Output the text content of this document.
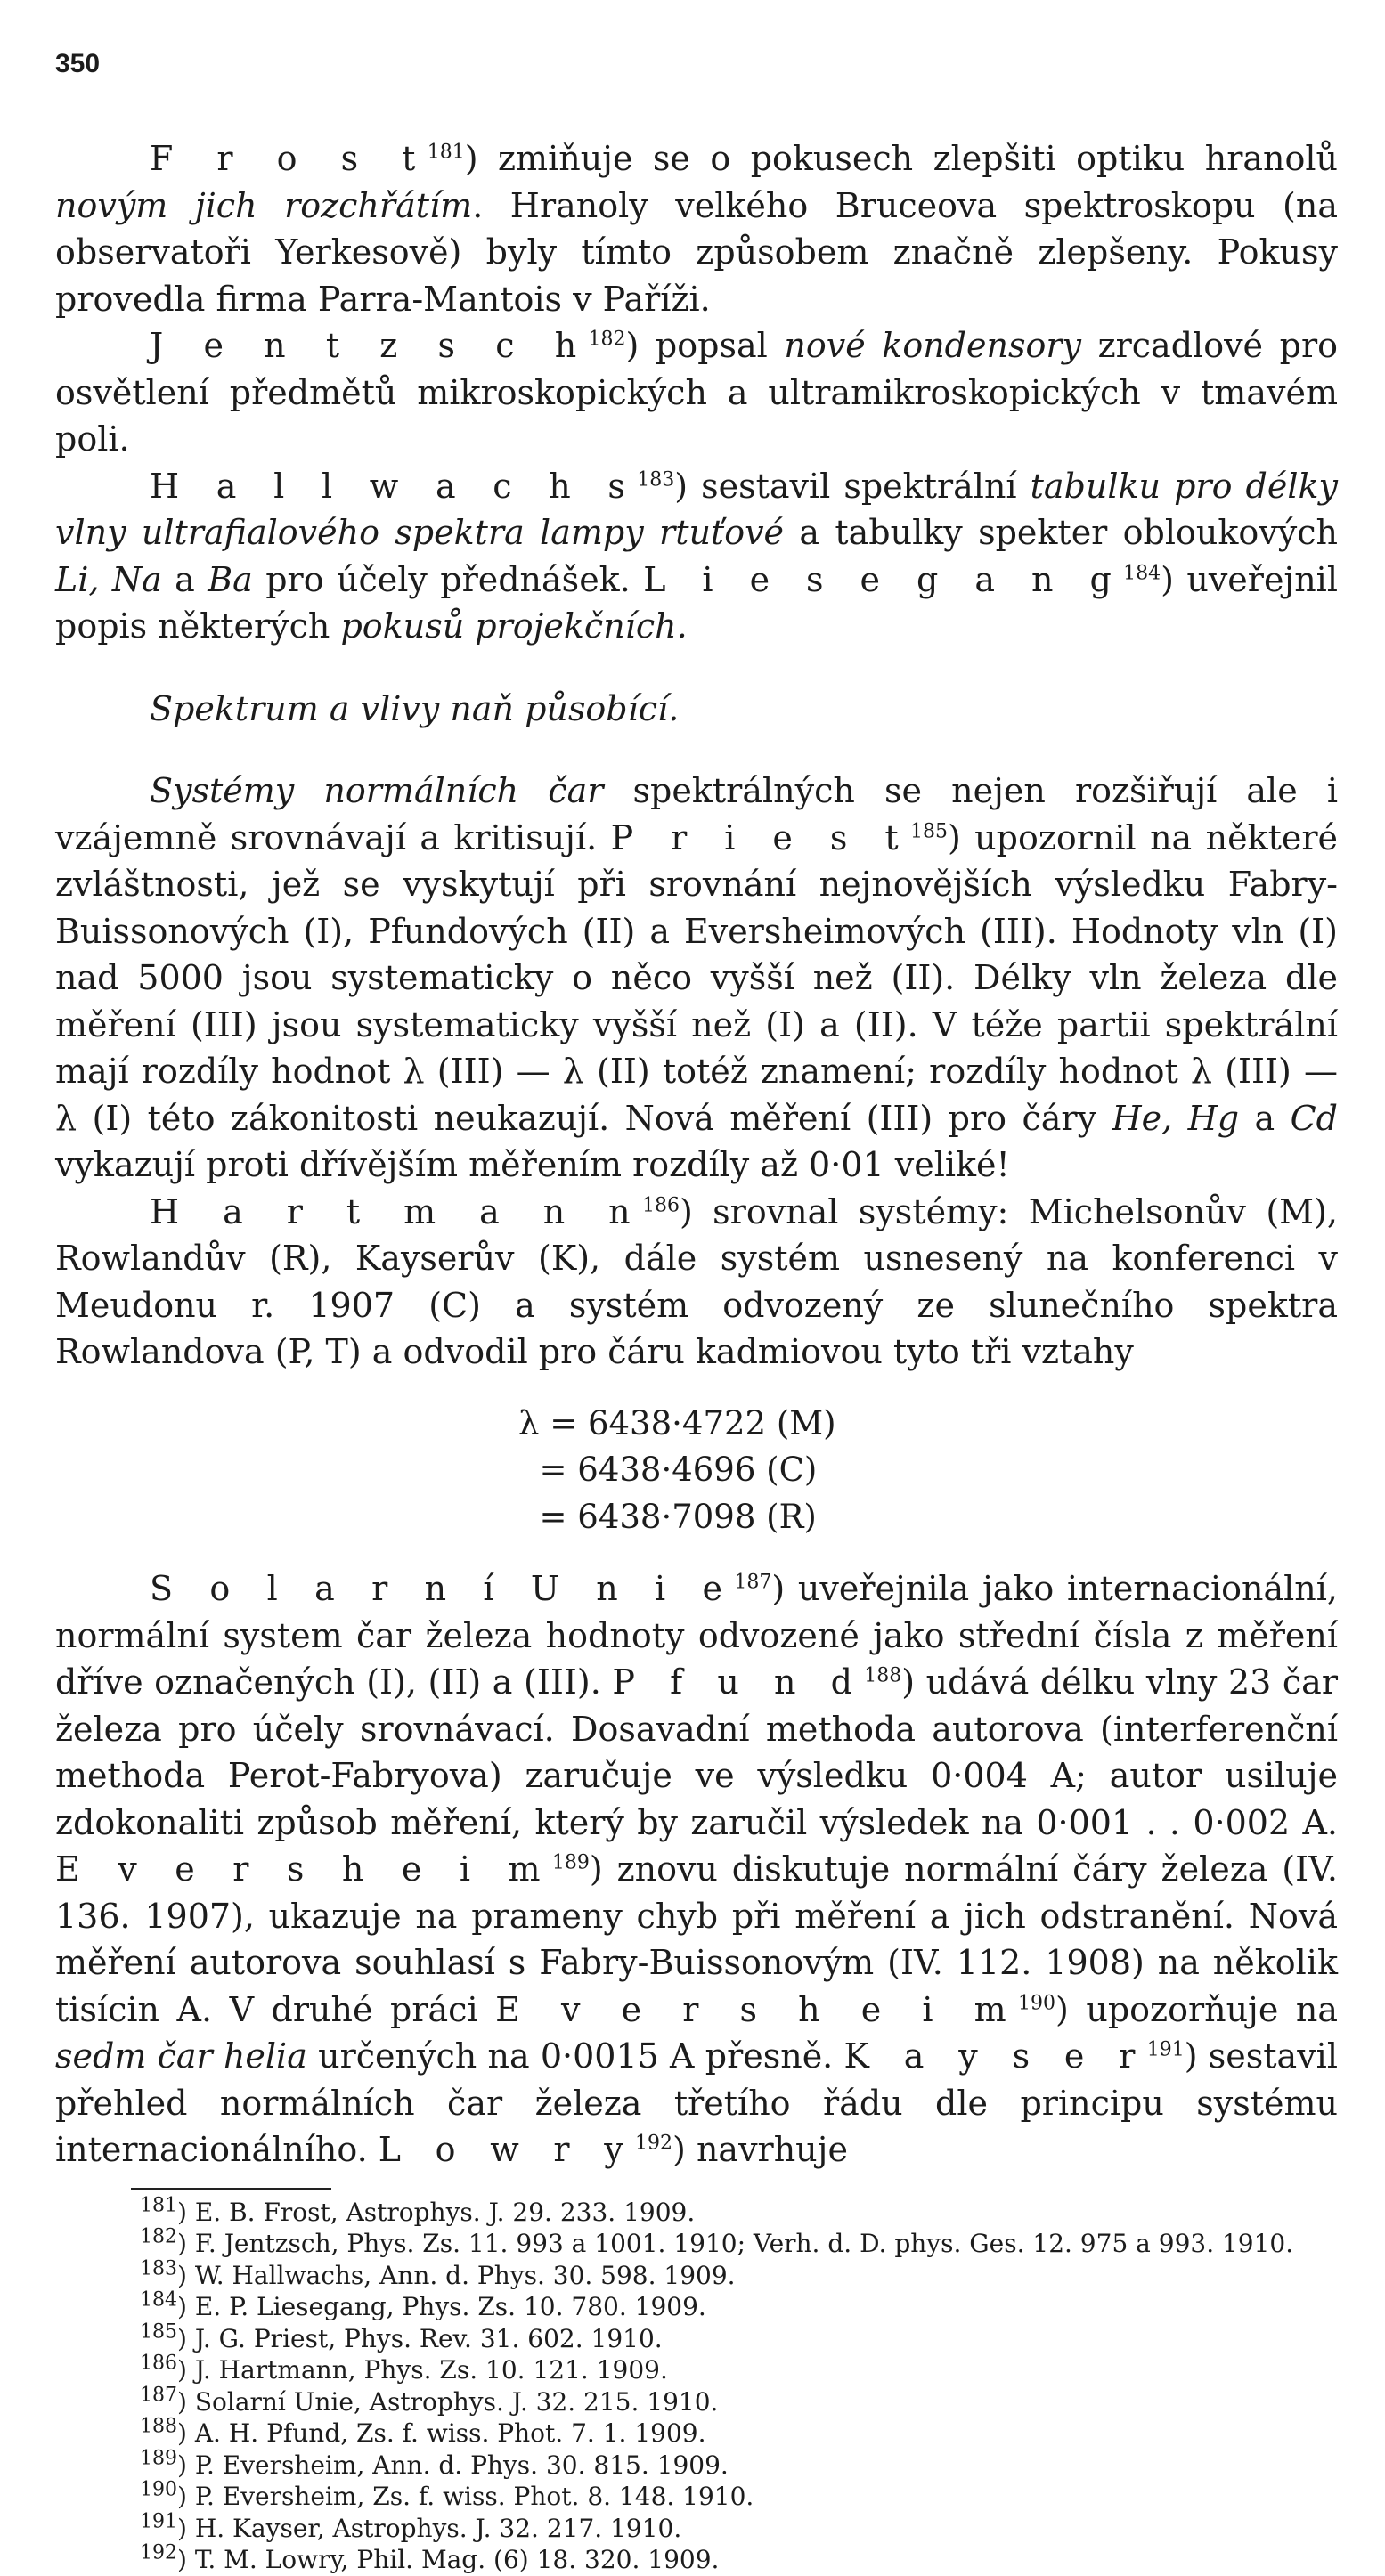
350

F r o s $t^{181}$) zmiňuje se o pokusech zlepšiti optiku hranolů novým jich rozchřátím. Hranoly velkého Bruceova spektroskopu (na observatoři Yerkesově) byly tímto způsobem značně zlepšeny. Pokusy provedla firma Parra-Mantois v Paříži.

J e n t z s c $h^{182}$) popsal nové kondensory zrcadlové pro osvětlení předmětů mikroskopických a ultramikroskopických v tmavém poli.

H a l l w a c h $s^{183}$) sestavil spektrální tabulku pro délky vlny ultrafialového spektra lampy rtuťové a tabulky spekter obloukových Li, Na a Ba pro účely přednášek. L i e s e g a n $g^{184}$) uveřejnil popis některých pokusů projekčních.

Spektrum a vlivy naň působící.

Systémy normálních čar spektrálných se nejen rozšiřují ale i vzájemně srovnávají a kritisují. P r i e s $t^{185}$) upozornil na některé zvláštnosti, jež se vyskytují při srovnání nejnovějších výsledku Fabry-Buissonových (I), Pfundových (II) a Eversheimových (III). Hodnoty vln (I) nad 5000 jsou systematicky o něco vyšší než (II). Délky vln železa dle měření (III) jsou systematicky vyšší než (I) a (II). V téže partii spektrální mají rozdíly hodnot λ (III) — λ (II) totéž znamení; rozdíly hodnot λ (III) — λ (I) této zákonitosti neukazují. Nová měření (III) pro čáry He, Hg a Cd vykazují proti dřívějším měřením rozdíly až 0·01 veliké!

H a r t m a n $n^{186}$) srovnal systémy: Michelsonův (M), Rowlandův (R), Kayserův (K), dále systém usnesený na konferenci v Meudonu r. 1907 (C) a systém odvozený ze slunečního spektra Rowlandova (P, T) a odvodil pro čáru kadmiovou tyto tři vztahy

λ = 6438·4722 (M)
= 6438·4696 (C)
= 6438·7098 (R)

S o l a r n í U n i $e^{187}$) uveřejnila jako internacionální, normální system čar železa hodnoty odvozené jako střední čísla z měření dříve označených (I), (II) a (III). P f u n $d^{188}$) udává délku vlny 23 čar železa pro účely srovnávací. Dosavadní methoda autorova (interferenční methoda Perot-Fabryova) zaručuje ve výsledku 0·004 A; autor usiluje zdokonaliti způsob měření, který by zaručil výsledek na 0·001 . . 0·002 A. E v e r s h e i $m^{189}$) znovu diskutuje normální čáry železa (IV. 136. 1907), ukazuje na prameny chyb při měření a jich odstranění. Nová měření autorova souhlasí s Fabry-Buissonovým (IV. 112. 1908) na několik tisícin A. V druhé práci E v e r s h e i $m^{190}$) upozorňuje na sedm čar helia určených na 0·0015 A přesně. K a y s e $r^{191}$) sestavil přehled normálních čar železa třetího řádu dle principu systému internacionálního. L o w r $y^{192}$) navrhuje

$^{181}$) E. B. Frost, Astrophys. J. 29. 233. 1909.
$^{182}$) F. Jentzsch, Phys. Zs. 11. 993 a 1001. 1910; Verh. d. D. phys. Ges. 12. 975 a 993. 1910.
$^{183}$) W. Hallwachs, Ann. d. Phys. 30. 598. 1909.
$^{184}$) E. P. Liesegang, Phys. Zs. 10. 780. 1909.
$^{185}$) J. G. Priest, Phys. Rev. 31. 602. 1910.
$^{186}$) J. Hartmann, Phys. Zs. 10. 121. 1909.
$^{187}$) Solarní Unie, Astrophys. J. 32. 215. 1910.
$^{188}$) A. H. Pfund, Zs. f. wiss. Phot. 7. 1. 1909.
$^{189}$) P. Eversheim, Ann. d. Phys. 30. 815. 1909.
$^{190}$) P. Eversheim, Zs. f. wiss. Phot. 8. 148. 1910.
$^{191}$) H. Kayser, Astrophys. J. 32. 217. 1910.
$^{192}$) T. M. Lowry, Phil. Mag. (6) 18. 320. 1909.
